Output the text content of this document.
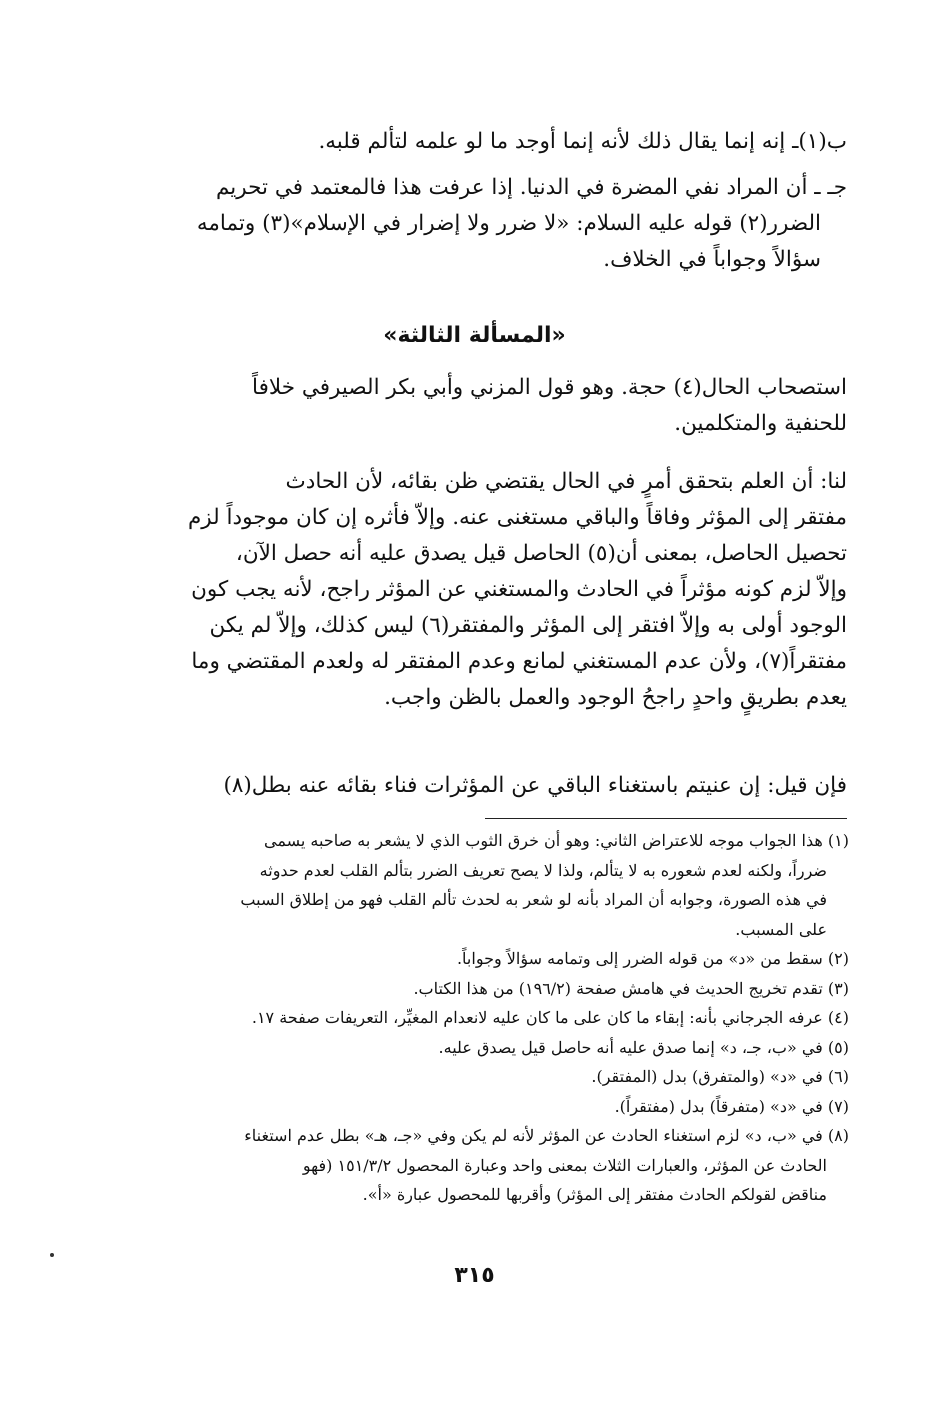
ب(١)ـ إنه إنما يقال ذلك لأنه إنما أوجد ما لو علمه لتألم قلبه.
جـ ـ أن المراد نفي المضرة في الدنيا. إذا عرفت هذا فالمعتمد في تحريم
الضرر(٢) قوله عليه السلام: «لا ضرر ولا إضرار في الإسلام»(٣) وتمامه
سؤالاً وجواباً في الخلاف.
«المسألة الثالثة»
استصحاب الحال(٤) حجة. وهو قول المزني وأبي بكر الصيرفي خلافاً
للحنفية والمتكلمين.
لنا: أن العلم بتحقق أمرٍ في الحال يقتضي ظن بقائه، لأن الحادث
مفتقر إلى المؤثر وفاقاً والباقي مستغنى عنه. وإلاّ فأثره إن كان موجوداً لزم
تحصيل الحاصل، بمعنى أن(٥) الحاصل قيل يصدق عليه أنه حصل الآن،
وإلاّ لزم كونه مؤثراً في الحادث والمستغني عن المؤثر راجح، لأنه يجب كون
الوجود أولى به وإلاّ افتقر إلى المؤثر والمفتقر(٦) ليس كذلك، وإلاّ لم يكن
مفتقراً(٧)، ولأن عدم المستغني لمانع وعدم المفتقر له ولعدم المقتضي وما
يعدم بطريقٍ واحدٍ راجحُ الوجود والعمل بالظن واجب.
فإن قيل: إن عنيتم باستغناء الباقي عن المؤثرات فناء بقائه عنه بطل(٨)
(١) هذا الجواب موجه للاعتراض الثاني: وهو أن خرق الثوب الذي لا يشعر به صاحبه يسمى
ضرراً، ولكنه لعدم شعوره به لا يتألم، ولذا لا يصح تعريف الضرر بتألم القلب لعدم حدوثه
في هذه الصورة، وجوابه أن المراد بأنه لو شعر به لحدث تألم القلب فهو من إطلاق السبب
على المسبب.
(٢) سقط من «د» من قوله الضرر إلى وتمامه سؤالاً وجواباً.
(٣) تقدم تخريج الحديث في هامش صفحة (١٩٦/٢) من هذا الكتاب.
(٤) عرفه الجرجاني بأنه: إبقاء ما كان على ما كان عليه لانعدام المغيِّر، التعريفات صفحة ١٧.
(٥) في «ب، جـ، د» إنما صدق عليه أنه حاصل قيل يصدق عليه.
(٦) في «د» (والمتفرق) بدل (المفتقر).
(٧) في «د» (متفرقاً) بدل (مفتقراً).
(٨) في «ب، د» لزم استغناء الحادث عن المؤثر لأنه لم يكن وفي «جـ، هـ» بطل عدم استغناء
الحادث عن المؤثر، والعبارات الثلاث بمعنى واحد وعبارة المحصول ١٥١/٣/٢ (فهو
مناقض لقولكم الحادث مفتقر إلى المؤثر) وأقربها للمحصول عبارة «أ».
٣١٥
